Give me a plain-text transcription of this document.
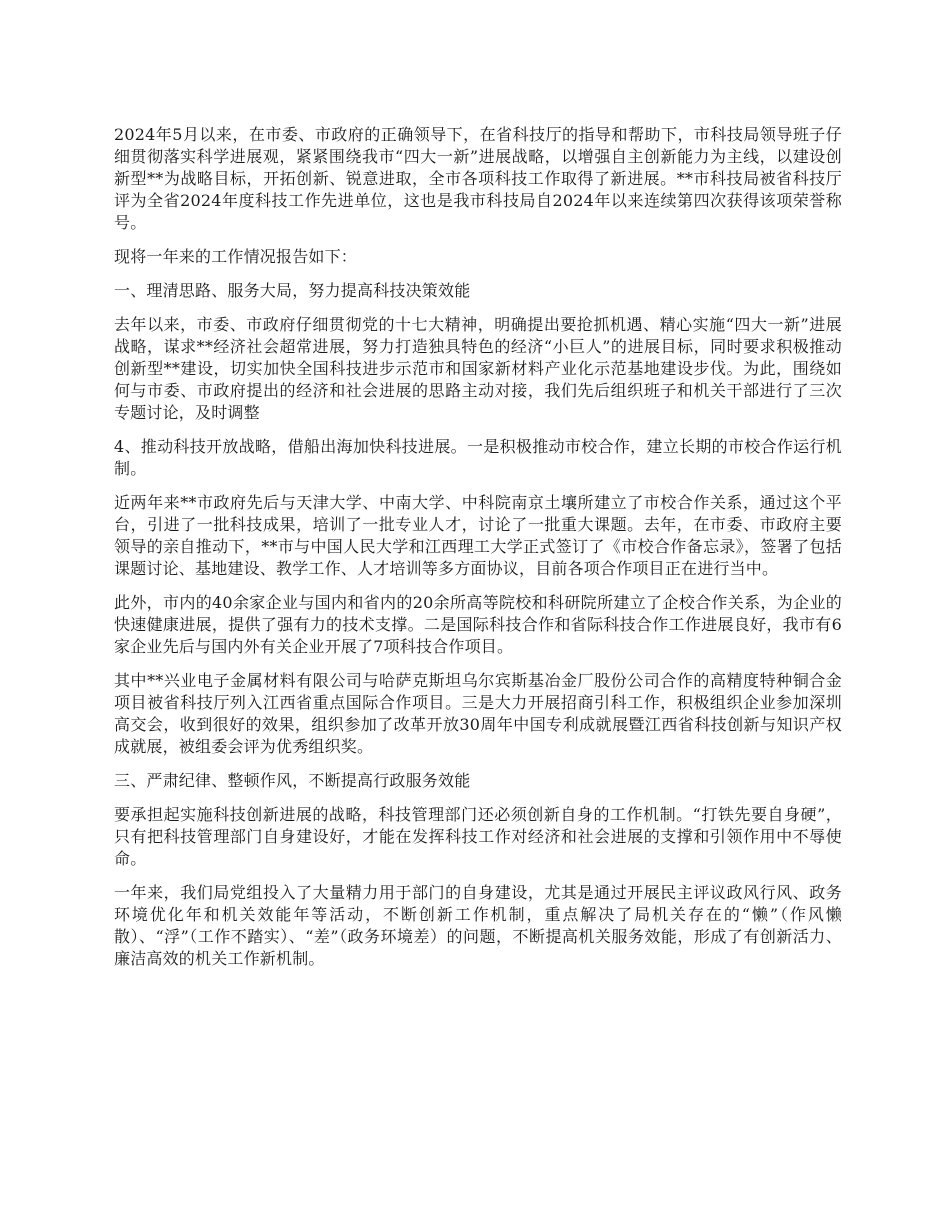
2024年5月以来，在市委、市政府的正确领导下，在省科技厅的指导和帮助下，市科技局领导班子仔细贯彻落实科学进展观，紧紧围绕我市“四大一新”进展战略，以增强自主创新能力为主线，以建设创新型**为战略目标，开拓创新、锐意进取，全市各项科技工作取得了新进展。**市科技局被省科技厅评为全省2024年度科技工作先进单位，这也是我市科技局自2024年以来连续第四次获得该项荣誉称号。

现将一年来的工作情况报告如下：

一、理清思路、服务大局，努力提高科技决策效能

去年以来，市委、市政府仔细贯彻党的十七大精神，明确提出要抢抓机遇、精心实施“四大一新”进展战略，谋求**经济社会超常进展，努力打造独具特色的经济“小巨人”的进展目标，同时要求积极推动创新型**建设，切实加快全国科技进步示范市和国家新材料产业化示范基地建设步伐。为此，围绕如何与市委、市政府提出的经济和社会进展的思路主动对接，我们先后组织班子和机关干部进行了三次专题讨论，及时调整

4、推动科技开放战略，借船出海加快科技进展。一是积极推动市校合作，建立长期的市校合作运行机制。

近两年来**市政府先后与天津大学、中南大学、中科院南京土壤所建立了市校合作关系，通过这个平台，引进了一批科技成果，培训了一批专业人才，讨论了一批重大课题。去年，在市委、市政府主要领导的亲自推动下，**市与中国人民大学和江西理工大学正式签订了《市校合作备忘录》，签署了包括课题讨论、基地建设、教学工作、人才培训等多方面协议，目前各项合作项目正在进行当中。

此外，市内的40余家企业与国内和省内的20余所高等院校和科研院所建立了企校合作关系，为企业的快速健康进展，提供了强有力的技术支撑。二是国际科技合作和省际科技合作工作进展良好，我市有6家企业先后与国内外有关企业开展了7项科技合作项目。

其中**兴业电子金属材料有限公司与哈萨克斯坦乌尔宾斯基冶金厂股份公司合作的高精度特种铜合金项目被省科技厅列入江西省重点国际合作项目。三是大力开展招商引科工作，积极组织企业参加深圳高交会，收到很好的效果，组织参加了改革开放30周年中国专利成就展暨江西省科技创新与知识产权成就展，被组委会评为优秀组织奖。

三、严肃纪律、整顿作风，不断提高行政服务效能

要承担起实施科技创新进展的战略，科技管理部门还必须创新自身的工作机制。“打铁先要自身硬”，只有把科技管理部门自身建设好，才能在发挥科技工作对经济和社会进展的支撑和引领作用中不辱使命。

一年来，我们局党组投入了大量精力用于部门的自身建设，尤其是通过开展民主评议政风行风、政务环境优化年和机关效能年等活动，不断创新工作机制，重点解决了局机关存在的“懒”（作风懒散）、“浮”（工作不踏实）、“差”（政务环境差）的问题，不断提高机关服务效能，形成了有创新活力、廉洁高效的机关工作新机制。
